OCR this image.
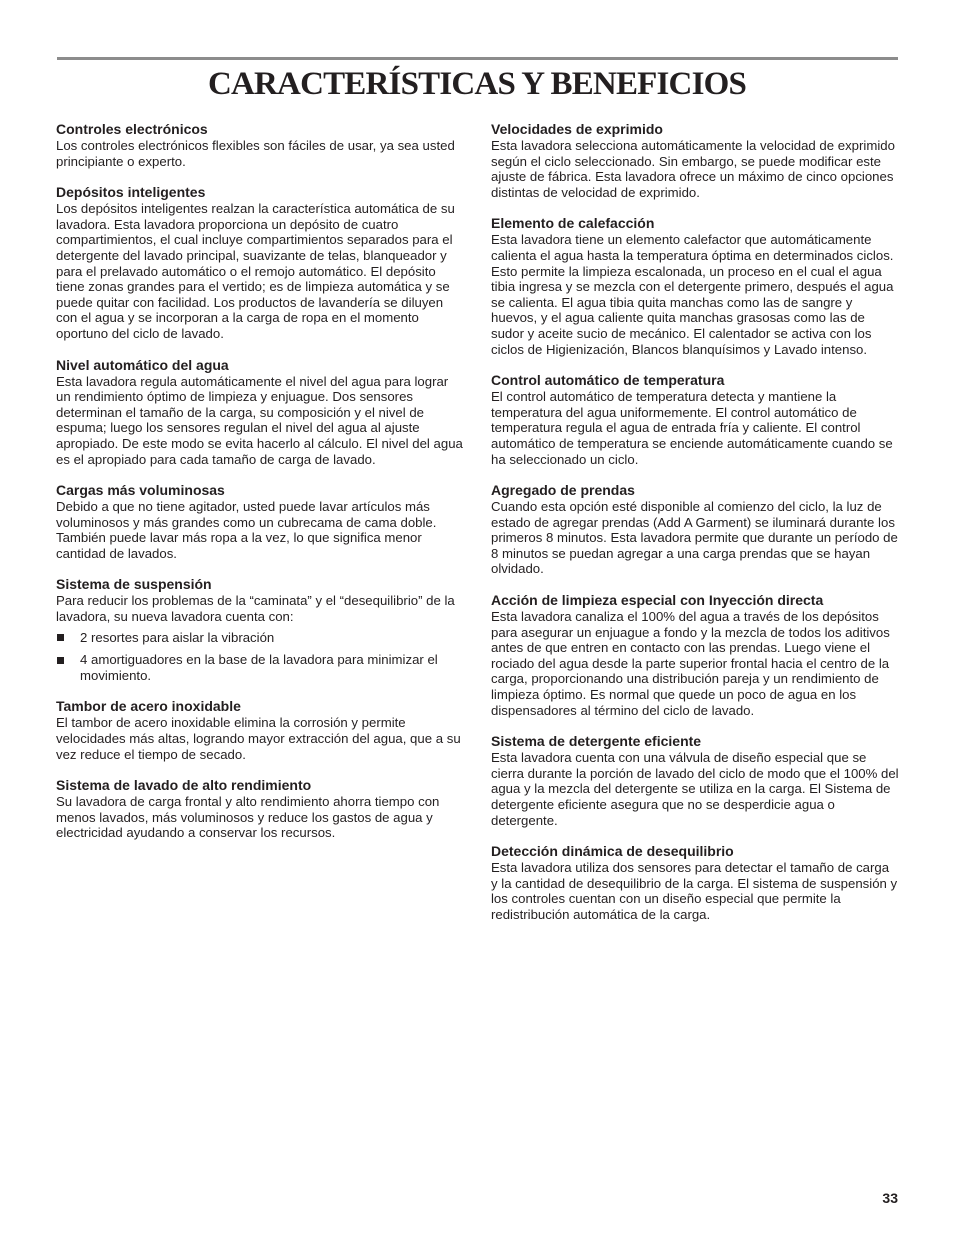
CARACTERÍSTICAS Y BENEFICIOS
Controles electrónicos

Los controles electrónicos flexibles son fáciles de usar, ya sea usted principiante o experto.

Depósitos inteligentes

Los depósitos inteligentes realzan la característica automática de su lavadora. Esta lavadora proporciona un depósito de cuatro compartimientos, el cual incluye compartimientos separados para el detergente del lavado principal, suavizante de telas, blanqueador y para el prelavado automático o el remojo automático. El depósito tiene zonas grandes para el vertido; es de limpieza automática y se puede quitar con facilidad. Los productos de lavandería se diluyen con el agua y se incorporan a la carga de ropa en el momento oportuno del ciclo de lavado.

Nivel automático del agua

Esta lavadora regula automáticamente el nivel del agua para lograr un rendimiento óptimo de limpieza y enjuague. Dos sensores determinan el tamaño de la carga, su composición y el nivel de espuma; luego los sensores regulan el nivel del agua al ajuste apropiado. De este modo se evita hacerlo al cálculo. El nivel del agua es el apropiado para cada tamaño de carga de lavado.

Cargas más voluminosas

Debido a que no tiene agitador, usted puede lavar artículos más voluminosos y más grandes como un cubrecama de cama doble. También puede lavar más ropa a la vez, lo que significa menor cantidad de lavados.

Sistema de suspensión

Para reducir los problemas de la “caminata” y el “desequilibrio” de la lavadora, su nueva lavadora cuenta con:

2 resortes para aislar la vibración
4 amortiguadores en la base de la lavadora para minimizar el movimiento.
Tambor de acero inoxidable

El tambor de acero inoxidable elimina la corrosión y permite velocidades más altas, logrando mayor extracción del agua, que a su vez reduce el tiempo de secado.

Sistema de lavado de alto rendimiento

Su lavadora de carga frontal y alto rendimiento ahorra tiempo con menos lavados, más voluminosos y reduce los gastos de agua y electricidad ayudando a conservar los recursos.

Velocidades de exprimido

Esta lavadora selecciona automáticamente la velocidad de exprimido según el ciclo seleccionado. Sin embargo, se puede modificar este ajuste de fábrica. Esta lavadora ofrece un máximo de cinco opciones distintas de velocidad de exprimido.

Elemento de calefacción

Esta lavadora tiene un elemento calefactor que automáticamente calienta el agua hasta la temperatura óptima en determinados ciclos. Esto permite la limpieza escalonada, un proceso en el cual el agua tibia ingresa y se mezcla con el detergente primero, después el agua se calienta. El agua tibia quita manchas como las de sangre y huevos, y el agua caliente quita manchas grasosas como las de sudor y aceite sucio de mecánico. El calentador se activa con los ciclos de Higienización, Blancos blanquísimos y Lavado intenso.

Control automático de temperatura

El control automático de temperatura detecta y mantiene la temperatura del agua uniformemente. El control automático de temperatura regula el agua de entrada fría y caliente. El control automático de temperatura se enciende automáticamente cuando se ha seleccionado un ciclo.

Agregado de prendas

Cuando esta opción esté disponible al comienzo del ciclo, la luz de estado de agregar prendas (Add A Garment) se iluminará durante los primeros 8 minutos. Esta lavadora permite que durante un período de 8 minutos se puedan agregar a una carga prendas que se hayan olvidado.

Acción de limpieza especial con Inyección directa

Esta lavadora canaliza el 100% del agua a través de los depósitos para asegurar un enjuague a fondo y la mezcla de todos los aditivos antes de que entren en contacto con las prendas. Luego viene el rociado del agua desde la parte superior frontal hacia el centro de la carga, proporcionando una distribución pareja y un rendimiento de limpieza óptimo. Es normal que quede un poco de agua en los dispensadores al término del ciclo de lavado.

Sistema de detergente eficiente

Esta lavadora cuenta con una válvula de diseño especial que se cierra durante la porción de lavado del ciclo de modo que el 100% del agua y la mezcla del detergente se utiliza en la carga. El Sistema de detergente eficiente asegura que no se desperdicie agua o detergente.

Detección dinámica de desequilibrio

Esta lavadora utiliza dos sensores para detectar el tamaño de carga y la cantidad de desequilibrio de la carga. El sistema de suspensión y los controles cuentan con un diseño especial que permite la redistribución automática de la carga.

33
